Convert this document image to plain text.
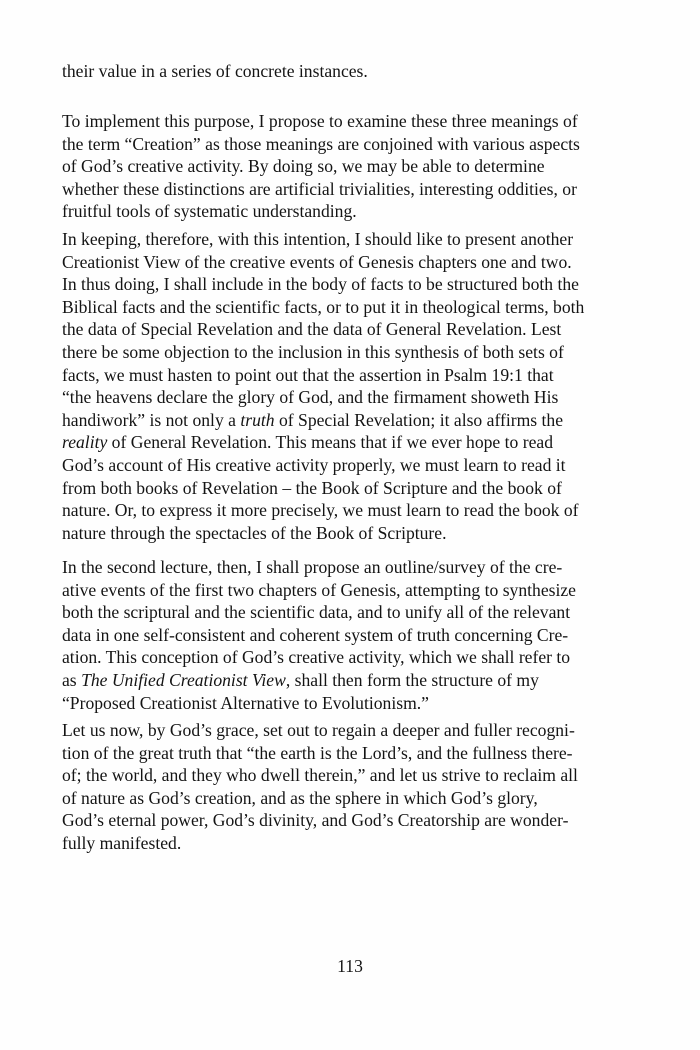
their value in a series of concrete instances.

To implement this purpose, I propose to examine these three meanings of
the term “Creation” as those meanings are conjoined with various aspects
of God’s creative activity. By doing so, we may be able to determine
whether these distinctions are artificial trivialities, interesting oddities, or
fruitful tools of systematic understanding.

In keeping, therefore, with this intention, I should like to present another
Creationist View of the creative events of Genesis chapters one and two.
In thus doing, I shall include in the body of facts to be structured both the
Biblical facts and the scientific facts, or to put it in theological terms, both
the data of Special Revelation and the data of General Revelation. Lest
there be some objection to the inclusion in this synthesis of both sets of
facts, we must hasten to point out that the assertion in Psalm 19:1 that
“the heavens declare the glory of God, and the firmament showeth His
handiwork” is not only a truth of Special Revelation; it also affirms the
reality of General Revelation. This means that if we ever hope to read
God’s account of His creative activity properly, we must learn to read it
from both books of Revelation – the Book of Scripture and the book of
nature. Or, to express it more precisely, we must learn to read the book of
nature through the spectacles of the Book of Scripture.

In the second lecture, then, I shall propose an outline/survey of the cre-
ative events of the first two chapters of Genesis, attempting to synthesize
both the scriptural and the scientific data, and to unify all of the relevant
data in one self-consistent and coherent system of truth concerning Cre-
ation. This conception of God’s creative activity, which we shall refer to
as The Unified Creationist View, shall then form the structure of my
“Proposed Creationist Alternative to Evolutionism.”

Let us now, by God’s grace, set out to regain a deeper and fuller recogni-
tion of the great truth that “the earth is the Lord’s, and the fullness there-
of; the world, and they who dwell therein,” and let us strive to reclaim all
of nature as God’s creation, and as the sphere in which God’s glory,
God’s eternal power, God’s divinity, and God’s Creatorship are wonder-
fully manifested.

113
